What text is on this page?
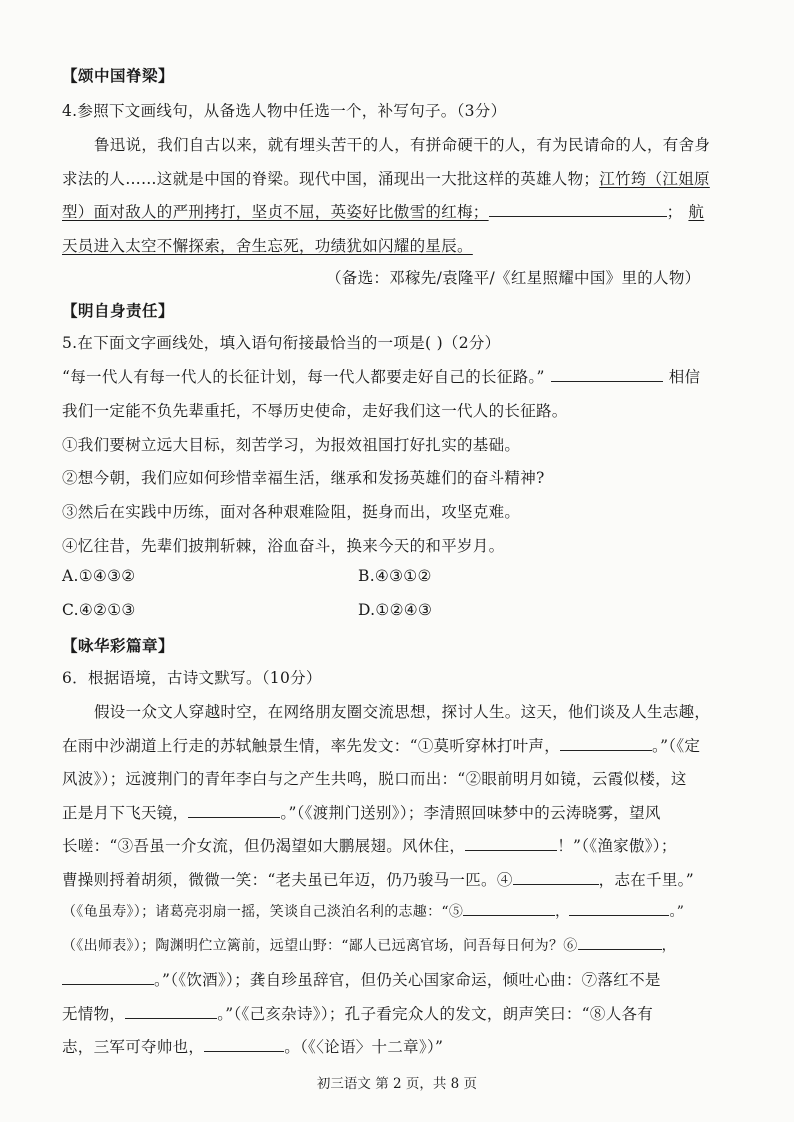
【颂中国脊梁】
4.参照下文画线句，从备选人物中任选一个，补写句子。（3分）
鲁迅说，我们自古以来，就有埋头苦干的人，有拼命硬干的人，有为民请命的人，有舍身
求法的人……这就是中国的脊梁。现代中国，涌现出一大批这样的英雄人物；江竹筠（江姐原
型）面对敌人的严刑拷打，坚贞不屈，英姿好比傲雪的红梅；	； 航
天员进入太空不懈探索，舍生忘死，功绩犹如闪耀的星辰。
（备选：邓稼先/袁隆平/《红星照耀中国》里的人物）
【明自身责任】
5.在下面文字画线处，填入语句衔接最恰当的一项是( )（2分）
“每一代人有每一代人的长征计划，每一代人都要走好自己的长征路。”	相信
我们一定能不负先辈重托，不辱历史使命，走好我们这一代人的长征路。
①我们要树立远大目标，刻苦学习，为报效祖国打好扎实的基础。
②想今朝，我们应如何珍惜幸福生活，继承和发扬英雄们的奋斗精神?
③然后在实践中历练，面对各种艰难险阻，挺身而出，攻坚克难。
④忆往昔，先辈们披荆斩棘，浴血奋斗，换来今天的和平岁月。
A.①④③②	B.④③①②
C.④②①③	D.①②④③
【咏华彩篇章】
6．根据语境，古诗文默写。（10分）
假设一众文人穿越时空，在网络朋友圈交流思想，探讨人生。这天，他们谈及人生志趣，
在雨中沙湖道上行走的苏轼触景生情，率先发文：“①莫听穿林打叶声，	。”（《定
风波》）；远渡荆门的青年李白与之产生共鸣，脱口而出：“②眼前明月如镜，云霞似楼，这
正是月下飞天镜，	。”（《渡荆门送别》）；李清照回味梦中的云涛晓雾，望风
长嗟：“③吾虽一介女流，但仍渴望如大鹏展翅。风休住，	！”（《渔家傲》）；
曹操则捋着胡须，微微一笑：“老夫虽已年迈，仍乃骏马一匹。④	，志在千里。”
（《龟虽寿》）；诸葛亮羽扇一摇，笑谈自己淡泊名利的志趣：“⑤	，	。”
（《出师表》）；陶渊明伫立篱前，远望山野：“鄙人已远离官场，问吾每日何为？⑥	，
。”（《饮酒》）；龚自珍虽辞官，但仍关心国家命运，倾吐心曲：⑦落红不是
无情物，	。”（《己亥杂诗》）；孔子看完众人的发文，朗声笑曰：“⑧人各有
志，三军可夺帅也，	。（《〈论语〉十二章》）”
初三语文 第 2 页，共 8 页
